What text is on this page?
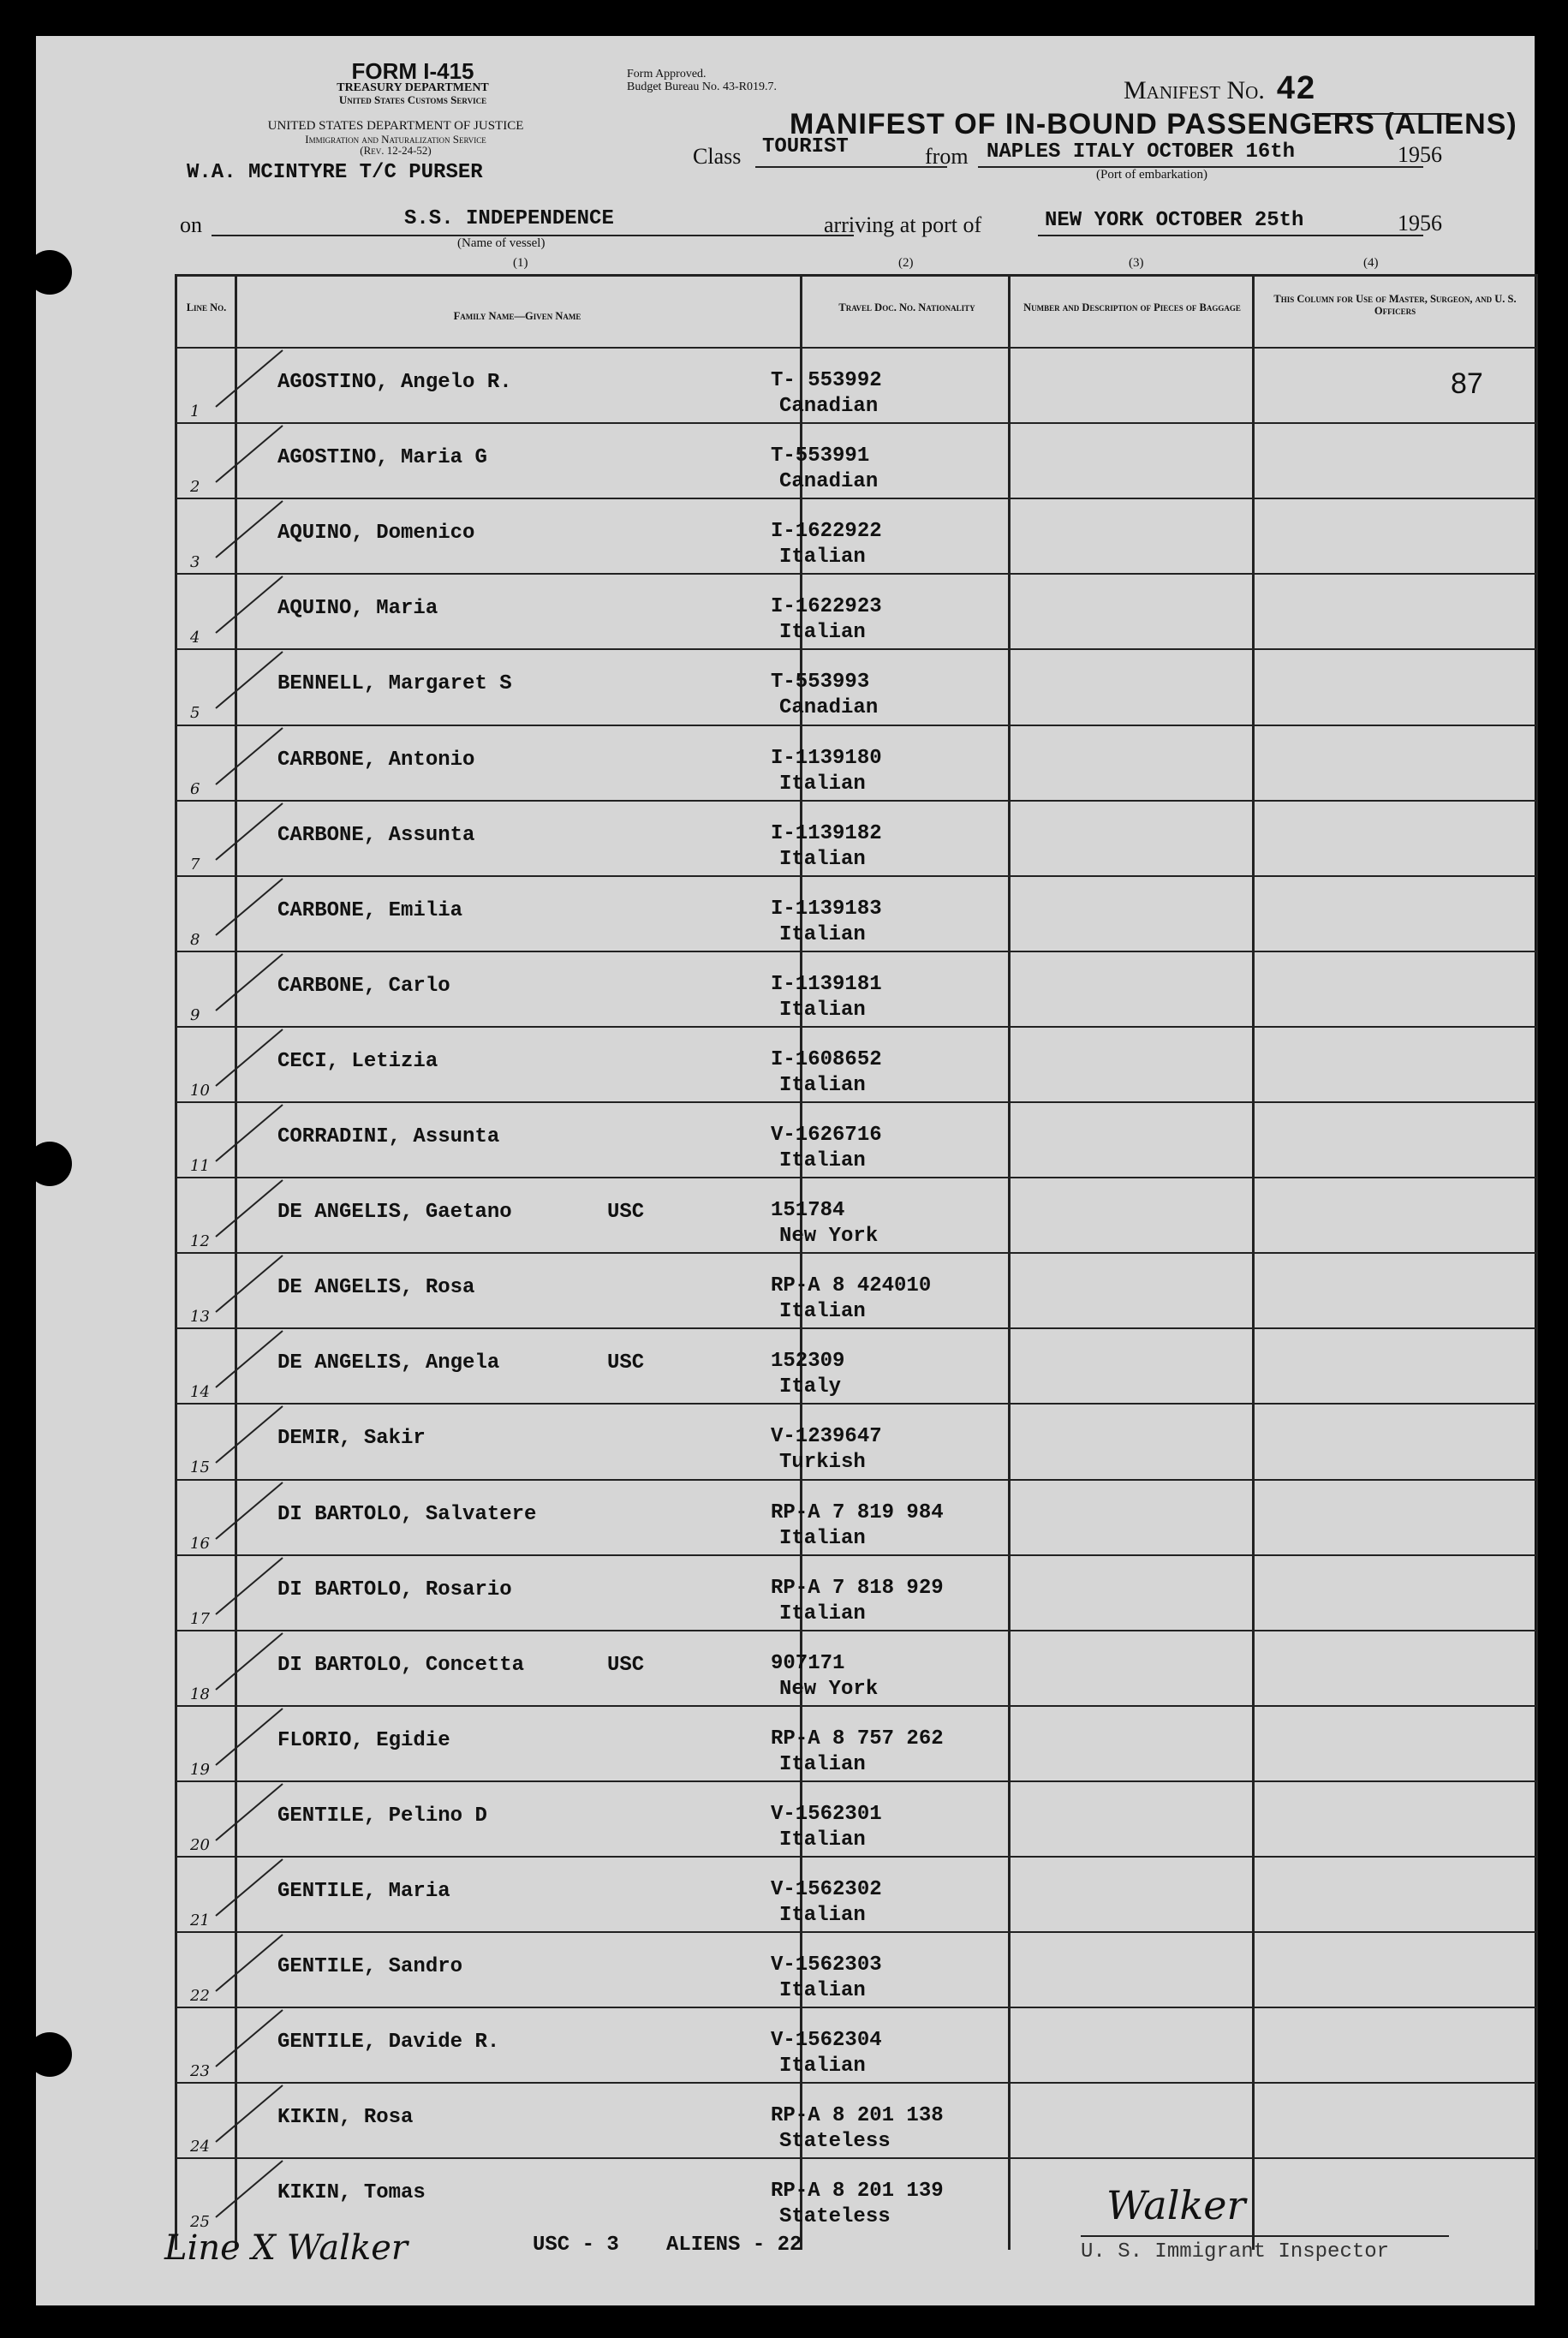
FORM I-415
TREASURY DEPARTMENT
United States Customs Service
UNITED STATES DEPARTMENT OF JUSTICE
Immigration and Naturalization Service
(Rev. 12-24-52)
Form Approved.
Budget Bureau No. 43-R019.7.	Manifest No. 42
MANIFEST OF IN-BOUND PASSENGERS (ALIENS)
W.A. MCINTYRE T/C PURSER
Class TOURIST	from NAPLES ITALY OCTOBER 16th
(Port of embarkation)
1956
on	S.S. INDEPENDENCE
(Name of vessel)
arriving at port of	NEW YORK OCTOBER 25th	1956
(1)	(2)	(3)	(4)
Line No.
Family Name—Given Name
Travel Doc. No. Nationality	Number and Description of Pieces of Baggage
This Column for Use of Master, Surgeon, and U. S. Officers
1
AGOSTINO, Angelo R.	T- 553992
Canadian
87
2
AGOSTINO, Maria G	T-553991
Canadian
3
AQUINO, Domenico	I-1622922
Italian
4
AQUINO, Maria	I-1622923
Italian
5
BENNELL, Margaret S	T-553993
Canadian
6
CARBONE, Antonio	I-1139180
Italian
7
CARBONE, Assunta	I-1139182
Italian
8
CARBONE, Emilia	I-1139183
Italian
9
CARBONE, Carlo	I-1139181
Italian
10
CECI, Letizia	I-1608652
Italian
11
CORRADINI, Assunta	V-1626716
Italian
12
DE ANGELIS, Gaetano	USC	151784
New York
13
DE ANGELIS, Rosa	RP-A 8 424010
Italian
14
DE ANGELIS, Angela	USC	152309
Italy
15
DEMIR, Sakir	V-1239647
Turkish
16
DI BARTOLO, Salvatere	RP-A 7 819 984
Italian
17
DI BARTOLO, Rosario	RP-A 7 818 929
Italian
18
DI BARTOLO, Concetta	USC	907171
New York
19
FLORIO, Egidie	RP-A 8 757 262
Italian
20
GENTILE, Pelino D	V-1562301
Italian
21
GENTILE, Maria	V-1562302
Italian
22
GENTILE, Sandro	V-1562303
Italian
23
GENTILE, Davide R.	V-1562304
Italian
24
KIKIN, Rosa	RP-A 8 201 138
Stateless
25
KIKIN, Tomas	RP-A 8 201 139
Stateless
Line X Walker	USC - 3 ALIENS - 22	U. S. Immigrant Inspector
Walker
